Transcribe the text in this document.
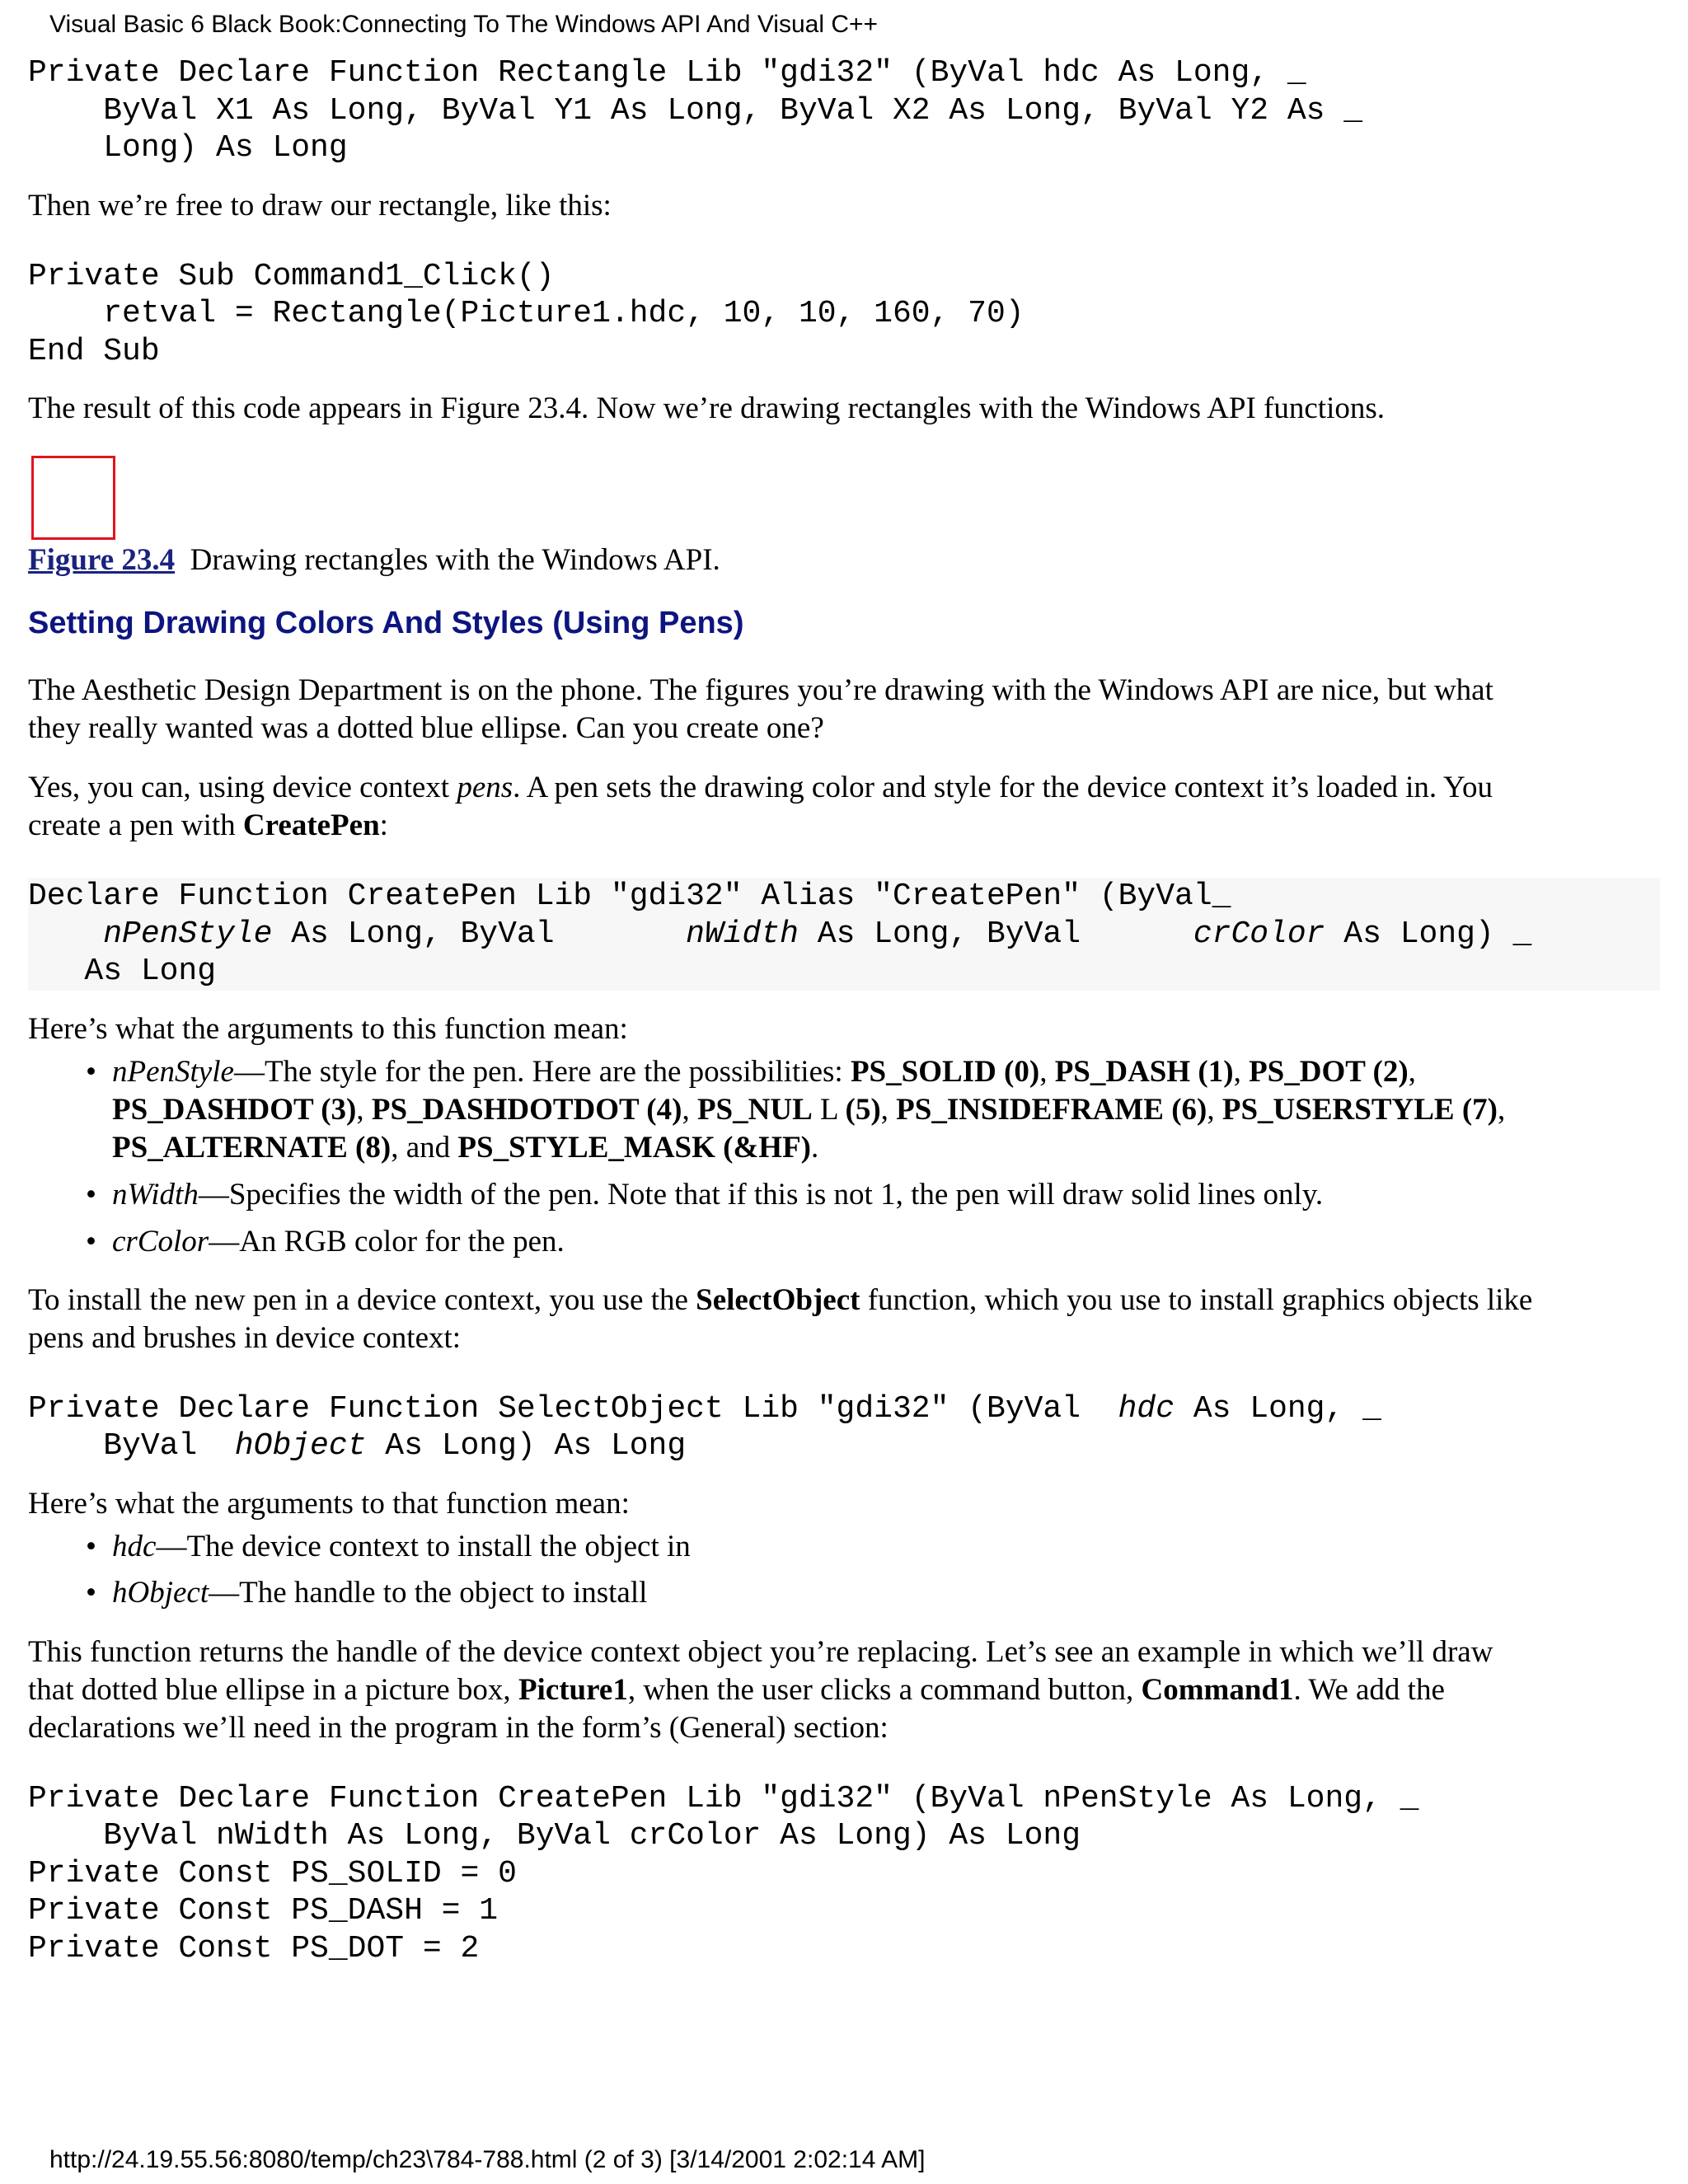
Visual Basic 6 Black Book:Connecting To The Windows API And Visual C++
Private Declare Function Rectangle Lib "gdi32" (ByVal hdc As Long, _
ByVal X1 As Long, ByVal Y1 As Long, ByVal X2 As Long, ByVal Y2 As _
Long) As Long

Then we’re free to draw our rectangle, like this:

Private Sub Command1_Click()
retval = Rectangle(Picture1.hdc, 10, 10, 160, 70)
End Sub

The result of this code appears in Figure 23.4. Now we’re drawing rectangles with the Windows API functions.

Figure 23.4 Drawing rectangles with the Windows API.
Setting Drawing Colors And Styles (Using Pens)

The Aesthetic Design Department is on the phone. The figures you’re drawing with the Windows API are nice, but what
they really wanted was a dotted blue ellipse. Can you create one?

Yes, you can, using device context pens. A pen sets the drawing color and style for the device context it’s loaded in. You
create a pen with CreatePen:

Declare Function CreatePen Lib "gdi32" Alias "CreatePen" (ByVal_
nPenStyle As Long, ByVal       nWidth As Long, ByVal      crColor As Long) _
As Long

Here’s what the arguments to this function mean:

• nPenStyle—The style for the pen. Here are the possibilities: PS_SOLID (0), PS_DASH (1), PS_DOT (2),
PS_DASHDOT (3), PS_DASHDOTDOT (4), PS_NUL L (5), PS_INSIDEFRAME (6), PS_USERSTYLE (7),
PS_ALTERNATE (8), and PS_STYLE_MASK (&HF).
• nWidth—Specifies the width of the pen. Note that if this is not 1, the pen will draw solid lines only.
• crColor—An RGB color for the pen.

To install the new pen in a device context, you use the SelectObject function, which you use to install graphics objects like
pens and brushes in device context:

Private Declare Function SelectObject Lib "gdi32" (ByVal  hdc As Long, _
ByVal  hObject As Long) As Long

Here’s what the arguments to that function mean:

• hdc—The device context to install the object in
• hObject—The handle to the object to install

This function returns the handle of the device context object you’re replacing. Let’s see an example in which we’ll draw
that dotted blue ellipse in a picture box, Picture1, when the user clicks a command button, Command1. We add the
declarations we’ll need in the program in the form’s (General) section:

Private Declare Function CreatePen Lib "gdi32" (ByVal nPenStyle As Long, _
ByVal nWidth As Long, ByVal crColor As Long) As Long
Private Const PS_SOLID = 0
Private Const PS_DASH = 1
Private Const PS_DOT = 2
http://24.19.55.56:8080/temp/ch23\784-788.html (2 of 3) [3/14/2001 2:02:14 AM]
